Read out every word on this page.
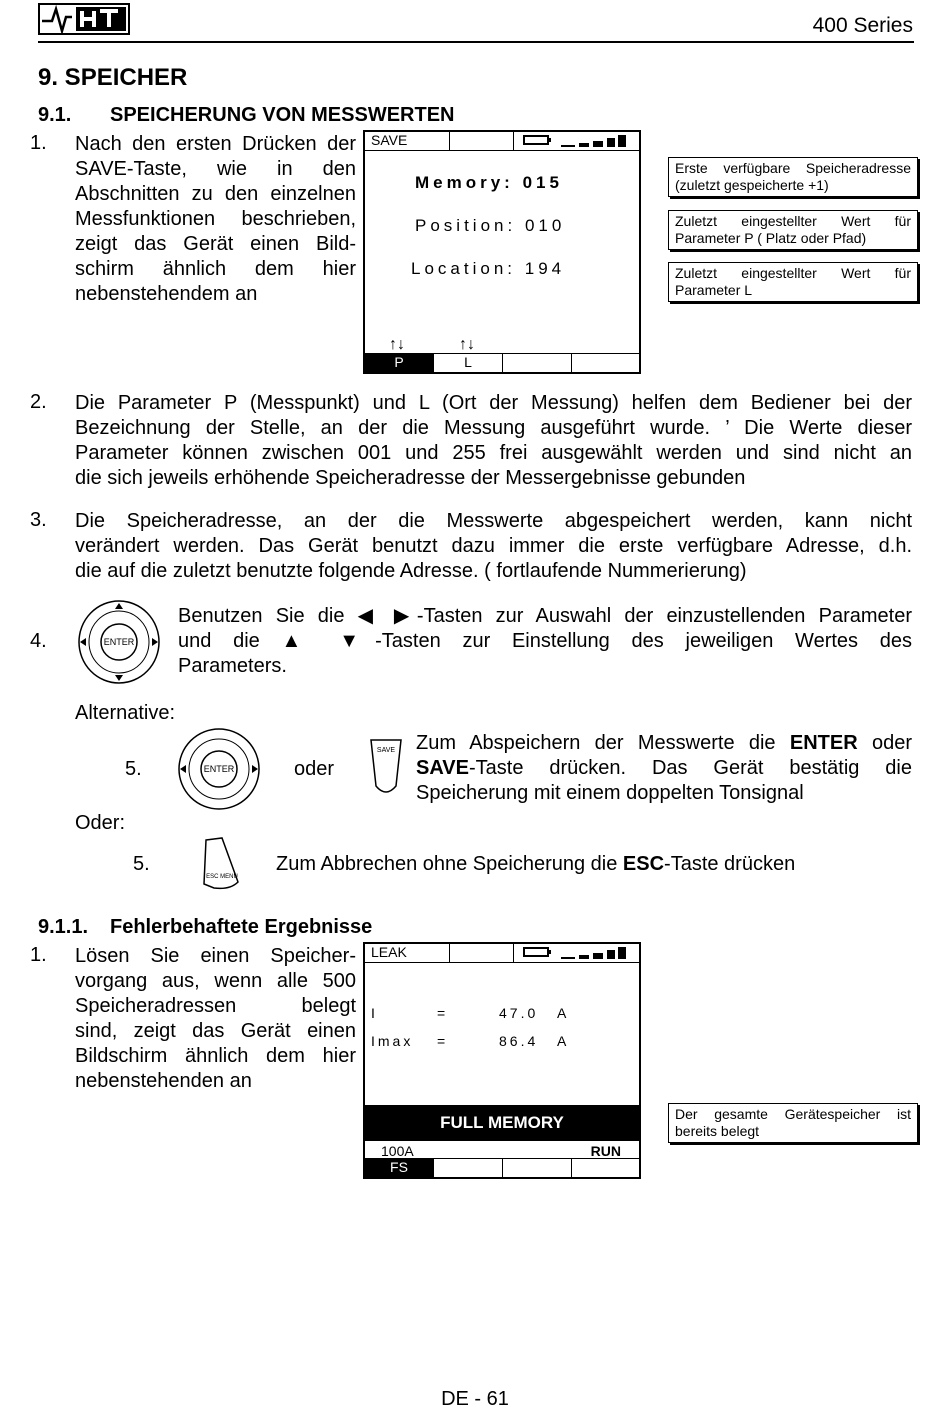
400 Series
9. SPEICHER
9.1. SPEICHERUNG VON MESSWERTEN
1. Nach den ersten Drücken der
SAVE-Taste, wie in den
Abschnitten zu den einzelnen
Messfunktionen beschrieben,
zeigt das Gerät einen Bild-
schirm ähnlich dem hier
nebenstehendem an
SAVE
Memory: 015
Position: 010
Location: 194
↑↓	↑↓
P	L
Erste verfügbare Speicheradresse
(zuletzt gespeicherte +1)
Zuletzt eingestellter Wert für
Parameter P ( Platz oder Pfad)
Zuletzt eingestellter Wert für
Parameter L
2. Die Parameter P (Messpunkt) und L (Ort der Messung) helfen dem Bediener bei der
Bezeichnung der Stelle, an der die Messung ausgeführt wurde. ’ Die Werte dieser
Parameter können zwischen 001 und 255 frei ausgewählt werden und sind nicht an
die sich jeweils erhöhende Speicheradresse der Messergebnisse gebunden
3. Die Speicheradresse, an der die Messwerte abgespeichert werden, kann nicht
verändert werden. Das Gerät benutzt dazu immer die erste verfügbare Adresse, d.h.
die auf die zuletzt benutzte folgende Adresse. ( fortlaufende Nummerierung)
4.	ENTER
Benutzen Sie die ◀ ▶-Tasten zur Auswahl der einzustellenden Parameter
und die ▲ ▼-Tasten zur Einstellung des jeweiligen Wertes des
Parameters.
Alternative:
5.	ENTER	oder
SAVE Zum Abspeichern der Messwerte die ENTER oder
SAVE-Taste drücken. Das Gerät bestätig die
Speicherung mit einem doppelten Tonsignal
Oder:
5.
ESC MENU
Zum Abbrechen ohne Speicherung die ESC-Taste drücken
9.1.1. Fehlerbehaftete Ergebnisse
1. Lösen Sie einen Speicher-
vorgang aus, wenn alle 500
Speicheradressen belegt
sind, zeigt das Gerät einen
Bildschirm ähnlich dem hier
nebenstehenden an
LEAK
I	=	47.0 A
Imax =	86.4 A
FULL MEMORY
100A	RUN
FS
Der gesamte Gerätespeicher ist
bereits belegt
DE - 61
